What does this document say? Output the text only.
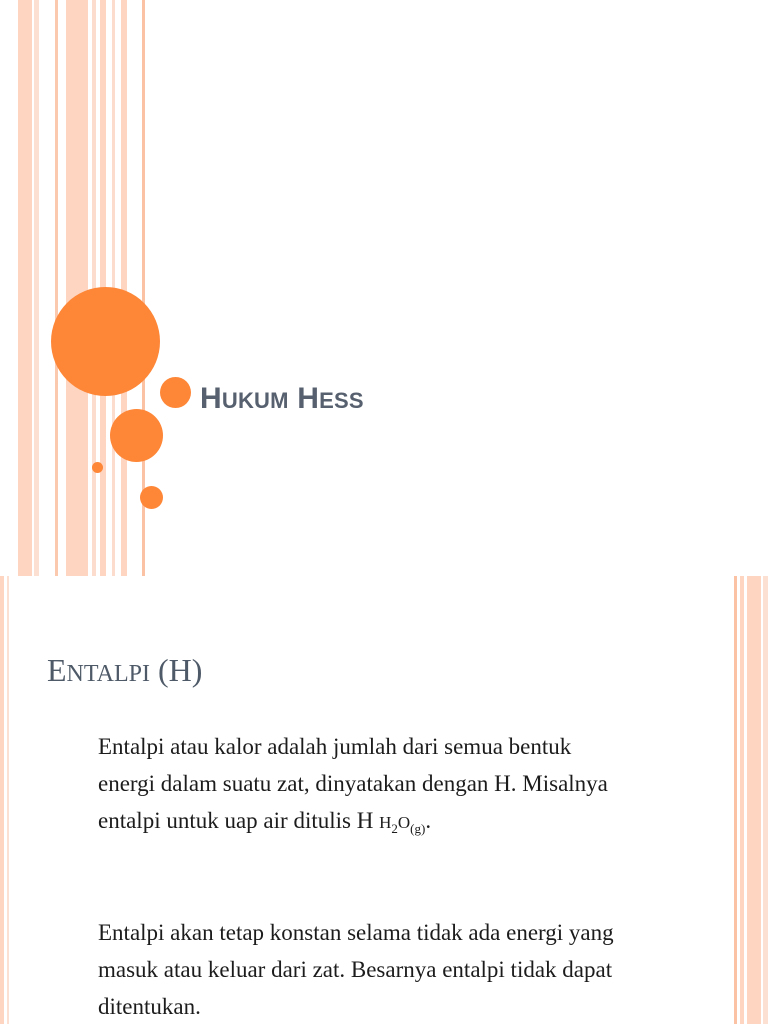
HUKUM HESS
ENTALPI (H)
Entalpi atau kalor adalah jumlah dari semua bentuk energi dalam suatu zat, dinyatakan dengan H. Misalnya entalpi untuk uap air ditulis H $H_2O_{(g)}$.
Entalpi akan tetap konstan selama tidak ada energi yang masuk atau keluar dari zat. Besarnya entalpi tidak dapat ditentukan.
